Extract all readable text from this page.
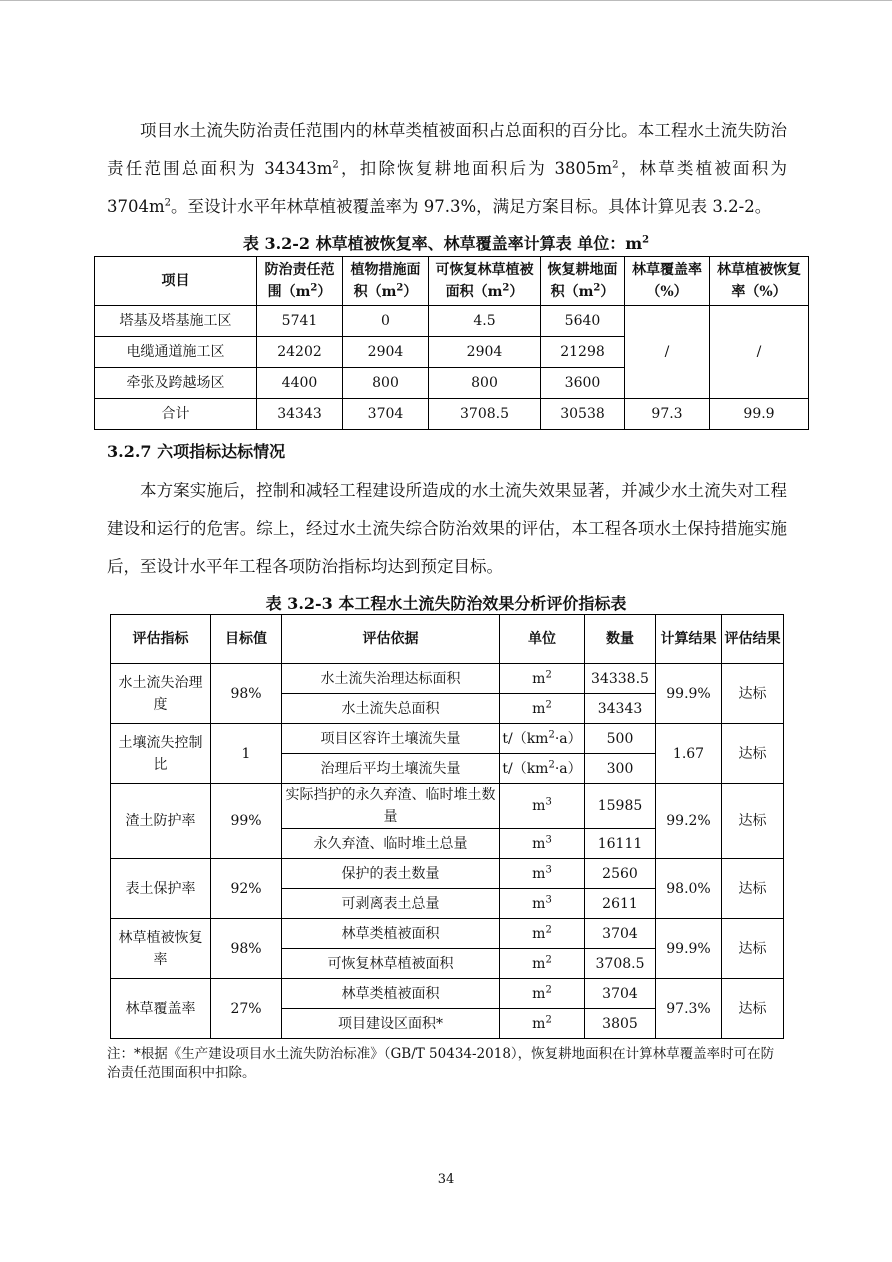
项目水土流失防治责任范围内的林草类植被面积占总面积的百分比。本工程水土流失防治责任范围总面积为 $34343m^2$，扣除恢复耕地面积后为 $3805m^2$，林草类植被面积为 $3704m^2$。至设计水平年林草植被覆盖率为 97.3%，满足方案目标。具体计算见表 3.2-2。

表 3.2-2 林草植被恢复率、林草覆盖率计算表 单位：$m^2$

项目	防治责任范围$(m^2)$	植物措施面积$(m^2)$	可恢复林草植被面积$(m^2)$	恢复耕地面积$(m^2)$	林草覆盖率（%）	林草植被恢复率（%）
塔基及塔基施工区	5741	0	4.5	5640	/	/
电缆通道施工区	24202	2904	2904	21298		
牵张及跨越场区	4400	800	800	3600		
合计	34343	3704	3708.5	30538	97.3	99.9
3.2.7 六项指标达标情况

本方案实施后，控制和减轻工程建设所造成的水土流失效果显著，并减少水土流失对工程建设和运行的危害。综上，经过水土流失综合防治效果的评估，本工程各项水土保持措施实施后，至设计水平年工程各项防治指标均达到预定目标。

表 3.2-3 本工程水土流失防治效果分析评价指标表

评估指标	目标值	评估依据	单位	数量	计算结果	评估结果
水土流失治理度	98%	水土流失治理达标面积	$m^2$	34338.5	99.9%	达标
		水土流失总面积	$m^2$	34343		
土壤流失控制比	1	项目区容许土壤流失量	$t/(km^2\cdot a)$	500	1.67	达标
		治理后平均土壤流失量	$t/(km^2\cdot a)$	300		
渣土防护率	99%	实际挡护的永久弃渣、临时堆土数量	$m^3$	15985	99.2%	达标
		永久弃渣、临时堆土总量	$m^3$	16111		
表土保护率	92%	保护的表土数量	$m^3$	2560	98.0%	达标
		可剥离表土总量	$m^3$	2611		
林草植被恢复率	98%	林草类植被面积	$m^2$	3704	99.9%	达标
		可恢复林草植被面积	$m^2$	3708.5		
林草覆盖率	27%	林草类植被面积	$m^2$	3704	97.3%	达标
		项目建设区面积*	$m^2$	3805		

注：*根据《生产建设项目水土流失防治标准》（GB/T 50434-2018），恢复耕地面积在计算林草覆盖率时可在防治责任范围面积中扣除。

34
